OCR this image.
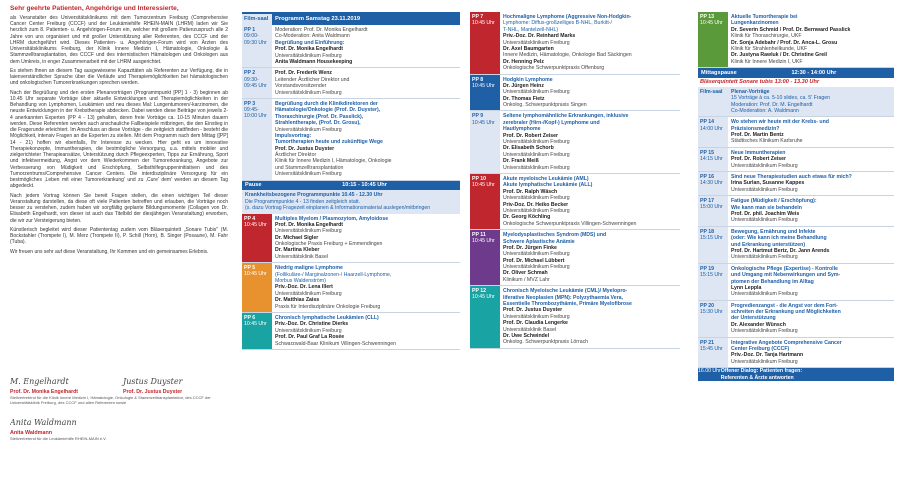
Sehr geehrte Patienten, Angehörige und Interessierte,

als Veranstalter des Universitätsklinikums mit dem Tumorzentrum Freiburg (Comprehensive Cancer Center Freiburg (CCCF) und der Leukämiehilfe RHEIN-MAIN (LHRM) laden wir Sie herzlich zum 8. Patienten- u. Angehörigen-Forum ein, welcher mit großem Patienzuspruch alle 2 Jahre von uns organisiert und mit großer Unterstützung aller Referenten, des CCCF und der LHRM durchgeführt wird. Dieses Patienten- u. Angehörigen-Forum wird von Ärzten des Universitätsklinikums Freiburg, der Klinik Innere Medizin I, Hämatologie, Onkologie & Stammzelltransplantation, des CCCF und des internistischen Hämatologen und Onkologen aus dem Umkreis, in enger Zusammenarbeit mit der LHRM ausgerichtet.

Es stehen Ihnen an diesem Tag ausgewiesene Kapazitäten als Referenten zur Verfügung, die in laienverständlicher Sprache über die Verläufe und Therapiemöglichkeiten bei hämatologischen und onkologischen Tumorerkrankungen sprechen werden.

Nach der Begrüßung und den ersten Plenarvorträgen (Programmpunkt [PP] 1 - 3) beginnen ab 10.45 Uhr separate Vorträge über aktuelle Entwicklungen und Therapiemöglichkeiten in der Behandlung von Lymphomen, Leukämien und neu dieses Mal: Lungentumoren/-karzinomen, die neuste Entwicklungen in der Krebstherapie abdecken. Dabei werden diese Beiträge von jeweils 2-4 anerkannten Experten (PP 4 - 13) gehalten, deren freie Vorträge ca. 10-15 Minuten dauern werden. Diese Referenten werden auch anschauliche Fallbeispiele mitbringen, die den Einstieg in die Fragerunde erleichtert. Im Anschluss an diese Vorträge - die zeitgleich stattfinden - besteht die Möglichkeit, intensiv Fragen an die Experten zu stellen. Mit dem Programm nach dem Mittag ([PP] 14 - 21) hoffen wir ebenfalls, Ihr Interesse zu wecken. Hier geht es um innovative Therapiekonzepte, Immuntherapien, die bestmögliche Versorgung, u.a. mittels mobiler und zielgerichteter Therapieansätze, Unterstützung durch Pflegeexperten, Tipps zur Ernährung, Sport und infektvermeidung, Angst vor dem Wiederkommen der Tumorerkrankung, Angebote zur Verbesserung von Müdigkeit und Erschöpfung, Selbsthilfegruppeninitiativen und des Tumorzentrums/Comprehensive Cancer Centers. Die interdisziplinäre Versorgung für ein bestmögliches ‚Leben mit einer Tumorerkrankung' und zu ‚Cure' dem' werden an diesem Tag abgedeckt.

Nach jedem Vortrag können Sie bereit Fragen stellen, die einen wichtigen Teil dieser Veranstaltung darstellen, da diese oft viele Patienten betreffen und erlauben, die Vorträge noch besser zu verstehen, zudem haben wir sorgfältig geplante Bildungsmomente (Collagen von Dr. Elisabeth Engelhardt, von dieser ist auch das Titelbild der diesjährigen Veranstaltung) erworben, die wir zur Versteigerung bieten.

Künstlerisch begleitet wird dieser Patiententag zudem vom Bläserquintett „Sonare Tubis" (M. Bockstahler (Trompete I), M. Merz (Trompete II), P. Schill (Horn), B. Singer (Posaune), M. Fahr (Tuba).

Wir freuen uns sehr auf diese Veranstaltung, Ihr Kommen und ein gemeinsames Erlebnis.

M. Engelhardt
Prof. Dr. Monika Engelhardt
Justus Duyster
Prof. Dr. Justus Duyster
Stellvertretend für die Klinik Innere Medizin I, Hämatologie, Onkologie & Stammzelltransplantation, des CCCF der Universitätsklinik Freiburg, des CCCF und allen Referenten sowie
Anita Waldmann
Anita Waldmann
Stellvertretend für die Leukämiehilfe RHEIN-MAIN e.V.
Film-saal	Programm Samstag 23.11.2019
PP 1
09:00-09:30 Uhr
Moderation: Prof. Dr. Monika Engelhardt
Co-Moderation: Anita Waldmann
Begrüßung und Einführung:
Prof. Dr. Monika Engelhardt
Universitätsklinikum Freiburg
Anita Waldmann Housekeeping
PP 2
09:30-09:45 Uhr
Prof. Dr. Frederik Wenz
Leitender Ärztlicher Direktor und
Vorstandsvorsitzender
Universitätsklinikum Freiburg
PP 3
09:45-10:00 Uhr
Begrüßung durch die Klinikdirektoren der
Hämatologie/Onkologie (Prof. Dr. Duyster),
Thoraxchirurgie (Prof. Dr. Passlick),
Strahlentherapie, (Prof. Dr. Grosu),
Universitätsklinikum Freiburg
Impulsvortrag:
Tumortherapien heute und zukünftige Wege
Prof. Dr. Justus Duyster
Ärztlicher Direktor
Klinik für Innere Medizin I, Hämatologie, Onkologie
und Stammzelltransplantation
Universitätsklinikum Freiburg
Pause	10:15 - 10:45 Uhr
Krankheitsbezogene Programmpunkte 10.45 - 12.30 Uhr
Die Programmpunkte 4 - 13 finden zeitgleich statt.
(s. dazu Vortrag Fragezeit einplanen & Informationsmaterial auslegen/mitbringen
PP 4
10:45 Uhr
Multiples Myelom / Plasmozytom, Amyloidose
Prof. Dr. Monika Engelhardt
Universitätsklinikum Freiburg
Dr. Michael Sigler
Onkologische Praxis Freiburg + Emmendingen
Dr. Martina Kleber
Universitätsklinik Basel
PP 5
10:45 Uhr
Niedrig maligne Lymphome
(Follikuläre-/ Marginalzonen-/ Haarzell-Lymphome,
Morbus Waldenström)
Priv.-Doz. Dr. Lena Illert
Universitätsklinikum Freiburg
Dr. Matthias Zaiss
Praxis für Interdisziplinäre Onkologie Freiburg
PP 6
10:45 Uhr
Chronisch lymphatische Leukämien (CLL)
Priv.-Doz. Dr. Christine Dierks
Universitätsklinikum Freiburg
Prof. Dr. Paul Graf La Rosée
Schwarzwald-Baar Klinikum Villingen-Schwenningen
PP 7
10:45 Uhr
Hochmaligne Lymphome (Aggressive Non-Hodgkin-
Lymphome: Diffus-großzelliges B-NHL, Burkitt-/
T-NHL, Mantelzell-NHL)
Priv.-Doz. Dr. Reinhard Marks
Universitätsklinikum Freiburg
Dr. Axel Baumgarten
Innere Medizin, Hämatologie, Onkologie Bad Säckingen
Dr. Henning Pelz
Onkologische Schwerpunktpraxis Offenburg
PP 8
10:45 Uhr
Hodgkin Lymphome
Dr. Jürgen Heinz
Universitätsklinikum Freiburg
Dr. Thomas Fietz
Onkolog. Schwerpunktpraxis Singen
PP 9
10:45 Uhr
Seltene lymphomähnliche Erkrankungen, inklusive
zerebraler (Hirn-/Kopf-) Lymphome und
Hautlymphome
Prof. Dr. Robert Zeiser
Universitätsklinikum Freiburg
Dr. Elisabeth Schorb
Universitätsklinikum Freiburg
Dr. Frank Meiß
Universitätsklinikum Freiburg
PP 10
10:45 Uhr
Akute myeloische Leukämie (AML)
Akute lymphatische Leukämie (ALL)
Prof. Dr. Ralph Wäsch
Universitätsklinikum Freiburg
Priv-Doz. Dr. Heiko Becker
Universitätsklinikum Freiburg
Dr. Georg Köchling
Onkologische Schwerpunktpraxis Villingen-Schwenningen
PP 11
10:45 Uhr
Myelodysplastisches Syndrom (MDS) und
Schwere Aplastische Anämie
Prof. Dr. Jürgen Finke
Universitätsklinikum Freiburg
Prof. Dr. Michael Lübbert
Universitätsklinikum Freiburg
Dr. Oliver Schmah
Klinikum / MVZ Lahr
PP 12
10:45 Uhr
Chronisch Myeloische Leukämie (CML)/ Myelopro-
liferative Neoplasien (MPN): Polyzythaemia Vera,
Essentielle Thrombozythämie, Primäre Myelofibrose
Prof. Dr. Justus Duyster
Universitätsklinikum Freiburg
Prof. Dr. Claudia Lengerke
Universitätsklinik Basel
Dr. Uwe Schwindel
Onkolog. Schwerpunktpraxis Lörrach
PP 13
10:45 Uhr
Aktuelle Tumortherapie bei
Lungenkarzinomen
Dr. Severin Schmid / Prof. Dr. Bernward Passlick
Klinik für Thoraxchirurgie, UKF
Dr. Sonja Adebahr / Prof. Dr. Anca-L. Grosu
Klinik für Strahlenheilkunde, UKF
Dr. Justyna Rawluk / Dr. Christine Greil
Klinik für Innere Medizin I, UKF
Mittagspause	12:30 - 14:00 Uhr
Bläserquintett Sonare tubis 13:00 - 13.30 Uhr
Film-saal	Plenar-Vorträge
15 Vorträge à ca. 5-10 slides, ca. 5' Fragen
Moderation: Prof. Dr. M. Engelhardt
Co-Moderation: A. Waldmann
PP 14
14:00 Uhr
Wo stehen wir heute mit der Krebs- und
Präzisionsmedizin?
Prof. Dr. Martin Bentz
Städtisches Klinikum Karlsruhe
PP 15
14:15 Uhr
Neue Immuntherapien
Prof. Dr. Robert Zeiser
Universitätsklinikum Freiburg
PP 16
14:30 Uhr
Sind neue Therapiestudien auch etwas für mich?
Irina Surlan, Susanne Kappes
Universitätsklinikum Freiburg
PP 17
15:00 Uhr
Fatigue (Müdigkeit / Erschöpfung):
Wie kann man sie behandeln
Prof. Dr. phil. Joachim Weis
Universitätsklinikum Freiburg
PP 18
15:15 Uhr
Bewegung, Ernährung und Infekte
(oder: Wie kann ich meine Behandlung
und Erkrankung unterstützen)
Prof. Dr. Hartmut Bertz, Dr. Jann Arends
Universitätsklinikum Freiburg
PP 19
15:15 Uhr
Onkologische Pflege (Expertise) - Kontrolle
und Umgang mit Nebenwirkungen und Sym-
ptomen der Behandlung im Alltag
Lynn Leppla
Universitätsklinikum Freiburg
PP 20
15:30 Uhr
Progredienzangst - die Angst vor dem Fort-
schreiten der Erkrankung und Möglichkeiten
der Unterstützung
Dr. Alexander Wünsch
Universitätsklinikum Freiburg
PP 21
15:45 Uhr
Integrative Angebote Comprehensive Cancer
Center Freiburg (CCCF)
Priv.-Doz. Dr. Tanja Hartmann
Universitätsklinikum Freiburg
16.00 Uhr Offener Dialog: Patienten fragen:
Referenten & Ärzte antworten
